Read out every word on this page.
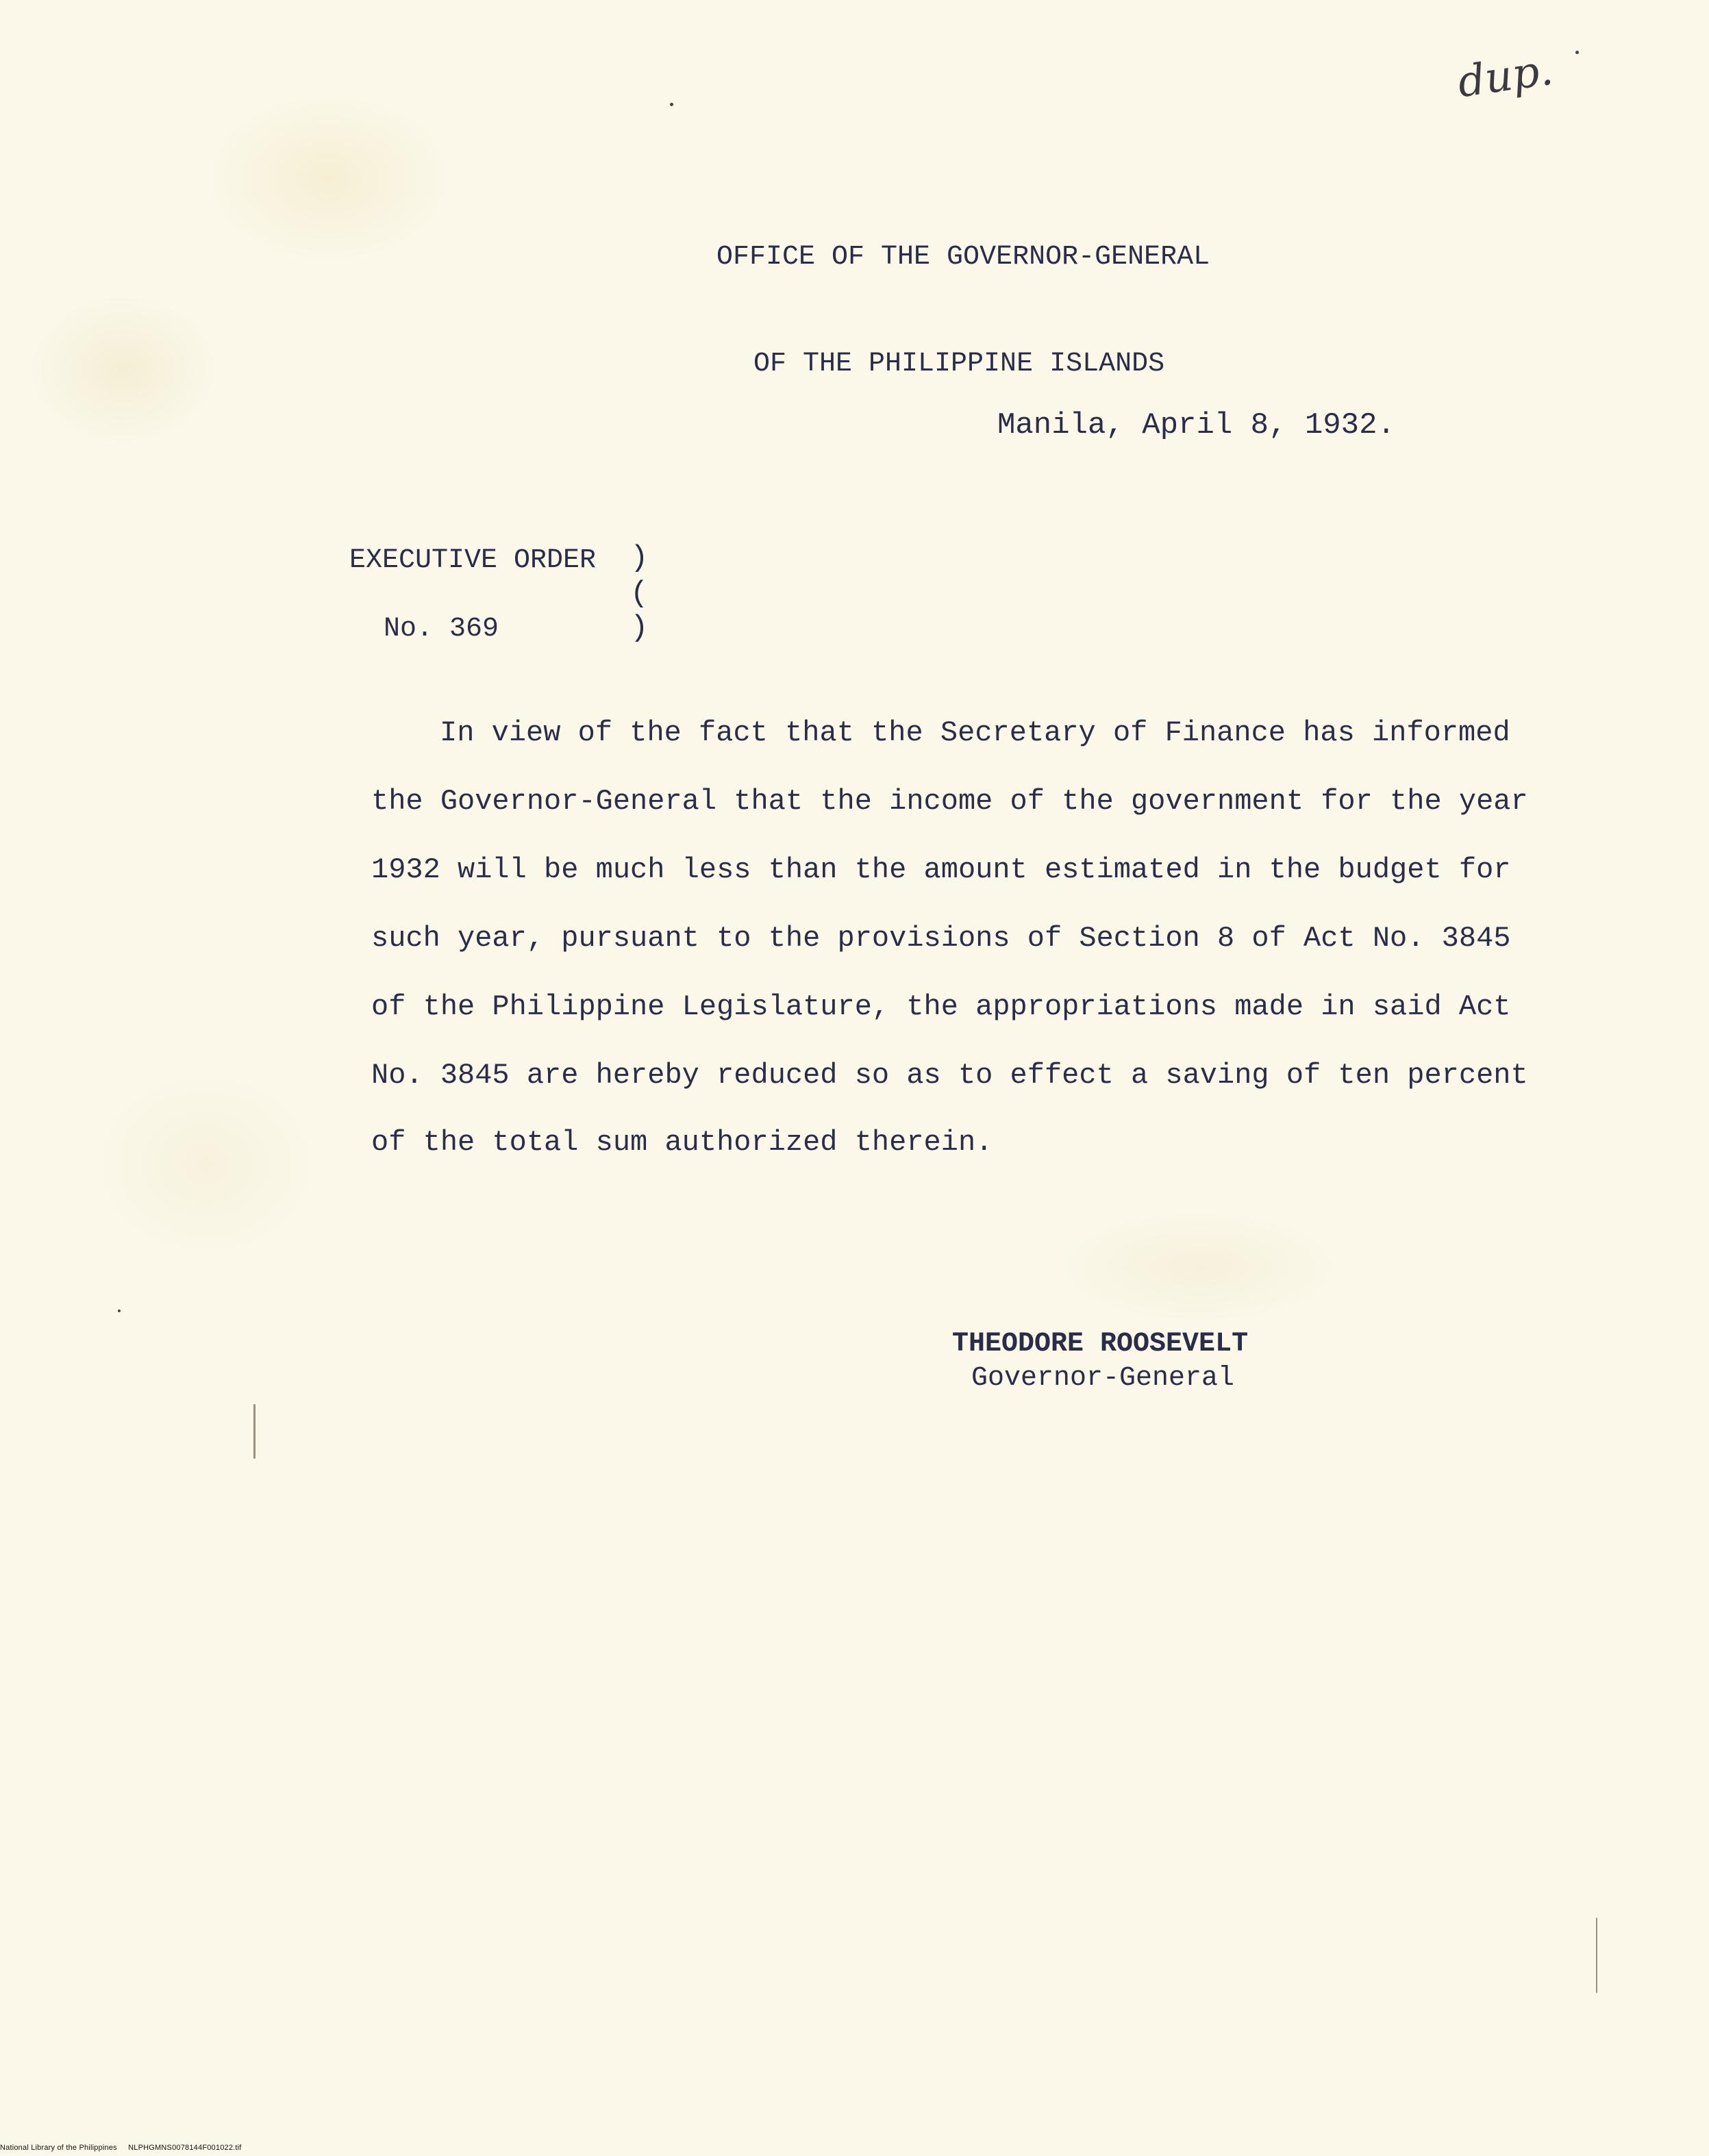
dup.

OFFICE OF THE GOVERNOR-GENERAL

OF THE PHILIPPINE ISLANDS

Manila, April 8, 1932.
EXECUTIVE ORDER )
(
)
No. 369
In view of the fact that the Secretary of Finance has informed
the Governor-General that the income of the government for the year
1932 will be much less than the amount estimated in the budget for
such year, pursuant to the provisions of Section 8 of Act No. 3845
of the Philippine Legislature, the appropriations made in said Act
No. 3845 are hereby reduced so as to effect a saving of ten percent
of the total sum authorized therein.
THEODORE ROOSEVELT
Governor-General
National Library of the Philippines     NLPHGMNS0078144F001022.tif
